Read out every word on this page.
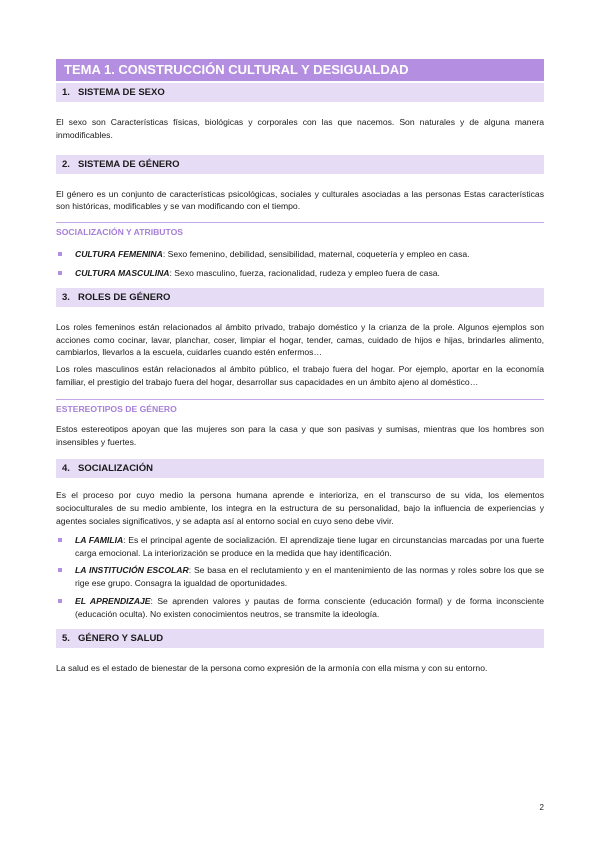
TEMA 1. CONSTRUCCIÓN CULTURAL Y DESIGUALDAD
1. SISTEMA DE SEXO

El sexo son Características físicas, biológicas y corporales con las que nacemos. Son naturales y de alguna manera inmodificables.

2. SISTEMA DE GÉNERO

El género es un conjunto de características psicológicas, sociales y culturales asociadas a las personas Estas características son históricas, modificables y se van modificando con el tiempo.

SOCIALIZACIÓN Y ATRIBUTOS
CULTURA FEMENINA: Sexo femenino, debilidad, sensibilidad, maternal, coquetería y empleo en casa.
CULTURA MASCULINA: Sexo masculino, fuerza, racionalidad, rudeza y empleo fuera de casa.
3. ROLES DE GÉNERO

Los roles femeninos están relacionados al ámbito privado, trabajo doméstico y la crianza de la prole. Algunos ejemplos son acciones como cocinar, lavar, planchar, coser, limpiar el hogar, tender, camas, cuidado de hijos e hijas, brindarles alimento, cambiarlos, llevarlos a la escuela, cuidarles cuando estén enfermos…

Los roles masculinos están relacionados al ámbito público, el trabajo fuera del hogar. Por ejemplo, aportar en la economía familiar, el prestigio del trabajo fuera del hogar, desarrollar sus capacidades en un ámbito ajeno al doméstico…

ESTEREOTIPOS DE GÉNERO

Estos estereotipos apoyan que las mujeres son para la casa y que son pasivas y sumisas, mientras que los hombres son insensibles y fuertes.

4. SOCIALIZACIÓN

Es el proceso por cuyo medio la persona humana aprende e interioriza, en el transcurso de su vida, los elementos socioculturales de su medio ambiente, los integra en la estructura de su personalidad, bajo la influencia de experiencias y agentes sociales significativos, y se adapta así al entorno social en cuyo seno debe vivir.

LA FAMILIA: Es el principal agente de socialización. El aprendizaje tiene lugar en circunstancias marcadas por una fuerte carga emocional. La interiorización se produce en la medida que hay identificación.
LA INSTITUCIÓN ESCOLAR: Se basa en el reclutamiento y en el mantenimiento de las normas y roles sobre los que se rige ese grupo. Consagra la igualdad de oportunidades.
EL APRENDIZAJE: Se aprenden valores y pautas de forma consciente (educación formal) y de forma inconsciente (educación oculta). No existen conocimientos neutros, se transmite la ideología.
5. GÉNERO Y SALUD

La salud es el estado de bienestar de la persona como expresión de la armonía con ella misma y con su entorno.

2
